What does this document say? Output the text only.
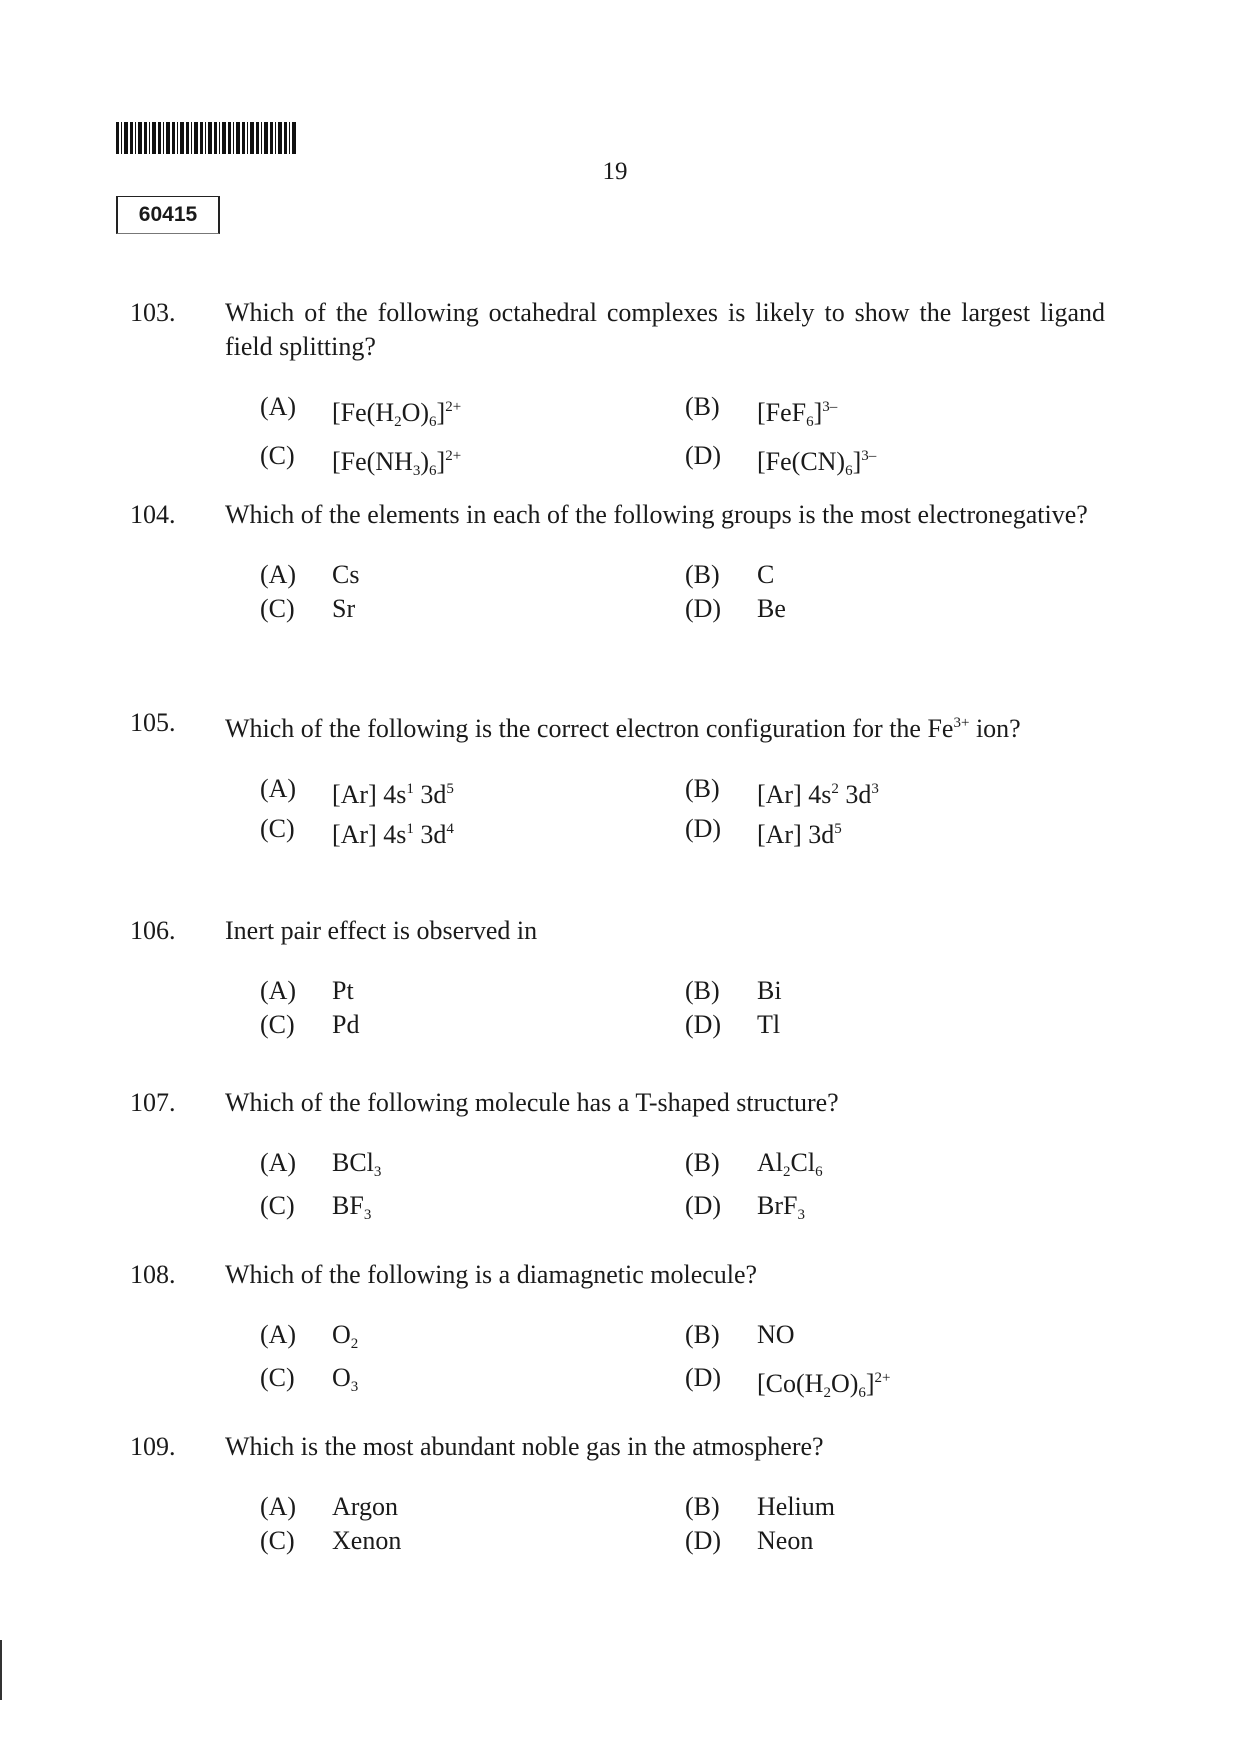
19
60415
103.	Which of the following octahedral complexes is likely to show the largest ligand field splitting?
(A)	$[Fe(H_2O)_6]^{2+}$	(B)	$[FeF_6]^{3-}$
(C)	$[Fe(NH_3)_6]^{2+}$	(D)	$[Fe(CN)_6]^{3-}$
104.	Which of the elements in each of the following groups is the most electronegative?
(A)	Cs	(B)	C
(C)	Sr	(D)	Be
105.	Which of the following is the correct electron configuration for the $Fe^{3+}$ ion?
(A)	[Ar] $4s^1$ $3d^5$	(B)	[Ar] $4s^2$ $3d^3$
(C)	[Ar] $4s^1$ $3d^4$	(D)	[Ar] $3d^5$
106.	Inert pair effect is observed in
(A)	Pt	(B)	Bi
(C)	Pd	(D)	Tl
107.	Which of the following molecule has a T-shaped structure?
(A)	BCl$_3$	(B)	$Al_2Cl_6$
(C)	$BF_3$	(D)	BrF$_3$
108.	Which of the following is a diamagnetic molecule?
(A)	$O_2$	(B)	NO
(C)	$O_3$	(D)	$[Co(H_2O)_6]^{2+}$
109.	Which is the most abundant noble gas in the atmosphere?
(A)	Argon	(B)	Helium
(C)	Xenon	(D)	Neon
